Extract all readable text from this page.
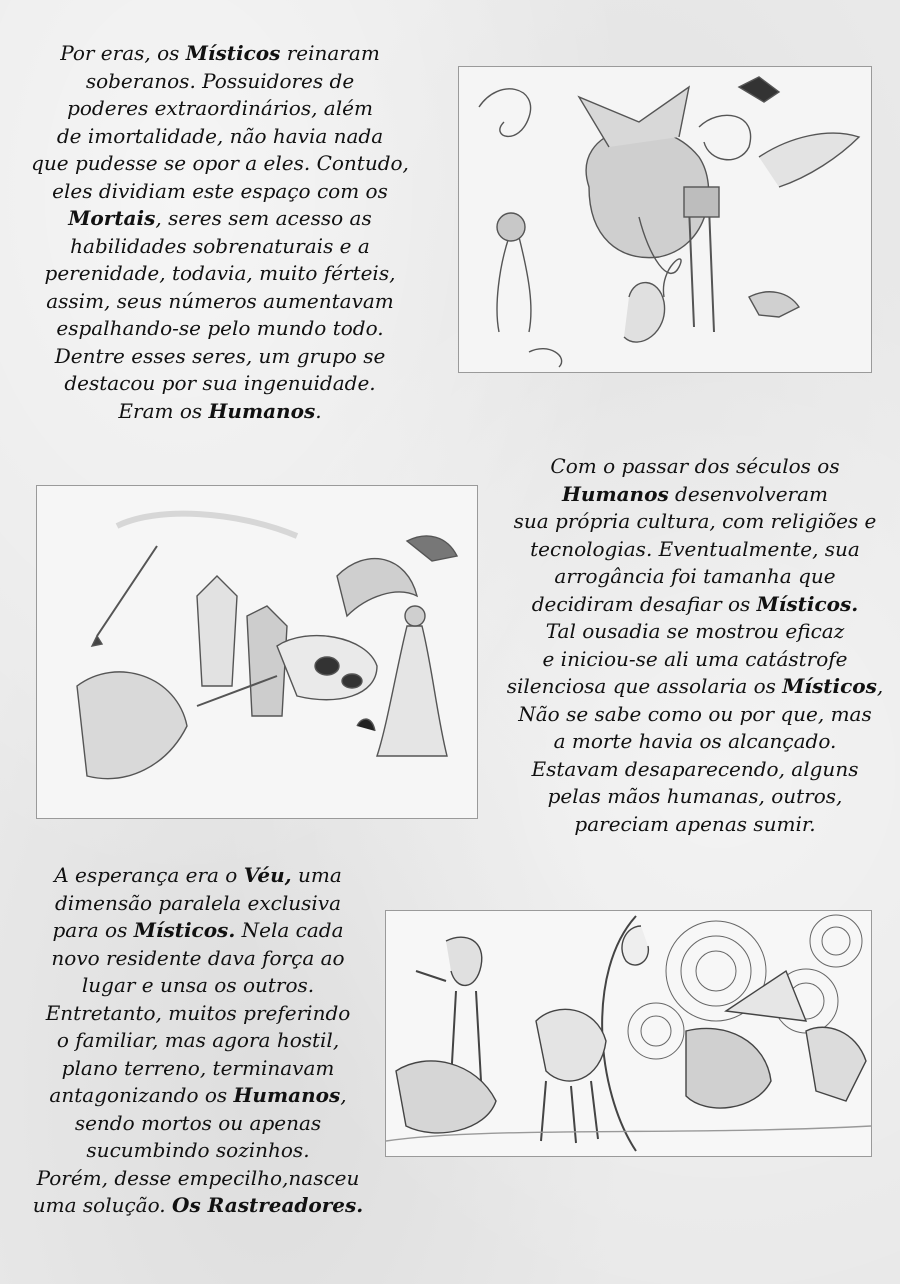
Por eras, os Místicos reinaram
soberanos. Possuidores de
poderes extraordinários, além
de imortalidade, não havia nada
que pudesse se opor a eles. Contudo,
eles dividiam este espaço com os
Mortais, seres sem acesso as
habilidades sobrenaturais e a
perenidade, todavia, muito férteis,
assim, seus números aumentavam
espalhando-se pelo mundo todo.
Dentre esses seres, um grupo se
destacou por sua ingenuidade.
Eram os Humanos.
Com o passar dos séculos os
Humanos desenvolveram
sua própria cultura, com religiões e
tecnologias. Eventualmente, sua
arrogância foi tamanha que
decidiram desafiar os Místicos.
Tal ousadia se mostrou eficaz
e iniciou-se ali uma catástrofe
silenciosa que assolaria os Místicos,
Não se sabe como ou por que, mas
a morte havia os alcançado.
Estavam desaparecendo, alguns
pelas mãos humanas, outros,
pareciam apenas sumir.
A esperança era o Véu, uma
dimensão paralela exclusiva
para os Místicos. Nela cada
novo residente dava força ao
lugar e unsa os outros.
Entretanto, muitos preferindo
o familiar, mas agora hostil,
plano terreno, terminavam
antagonizando os Humanos,
sendo mortos ou apenas
sucumbindo sozinhos.
Porém, desse empecilho,nasceu
uma solução. Os Rastreadores.
